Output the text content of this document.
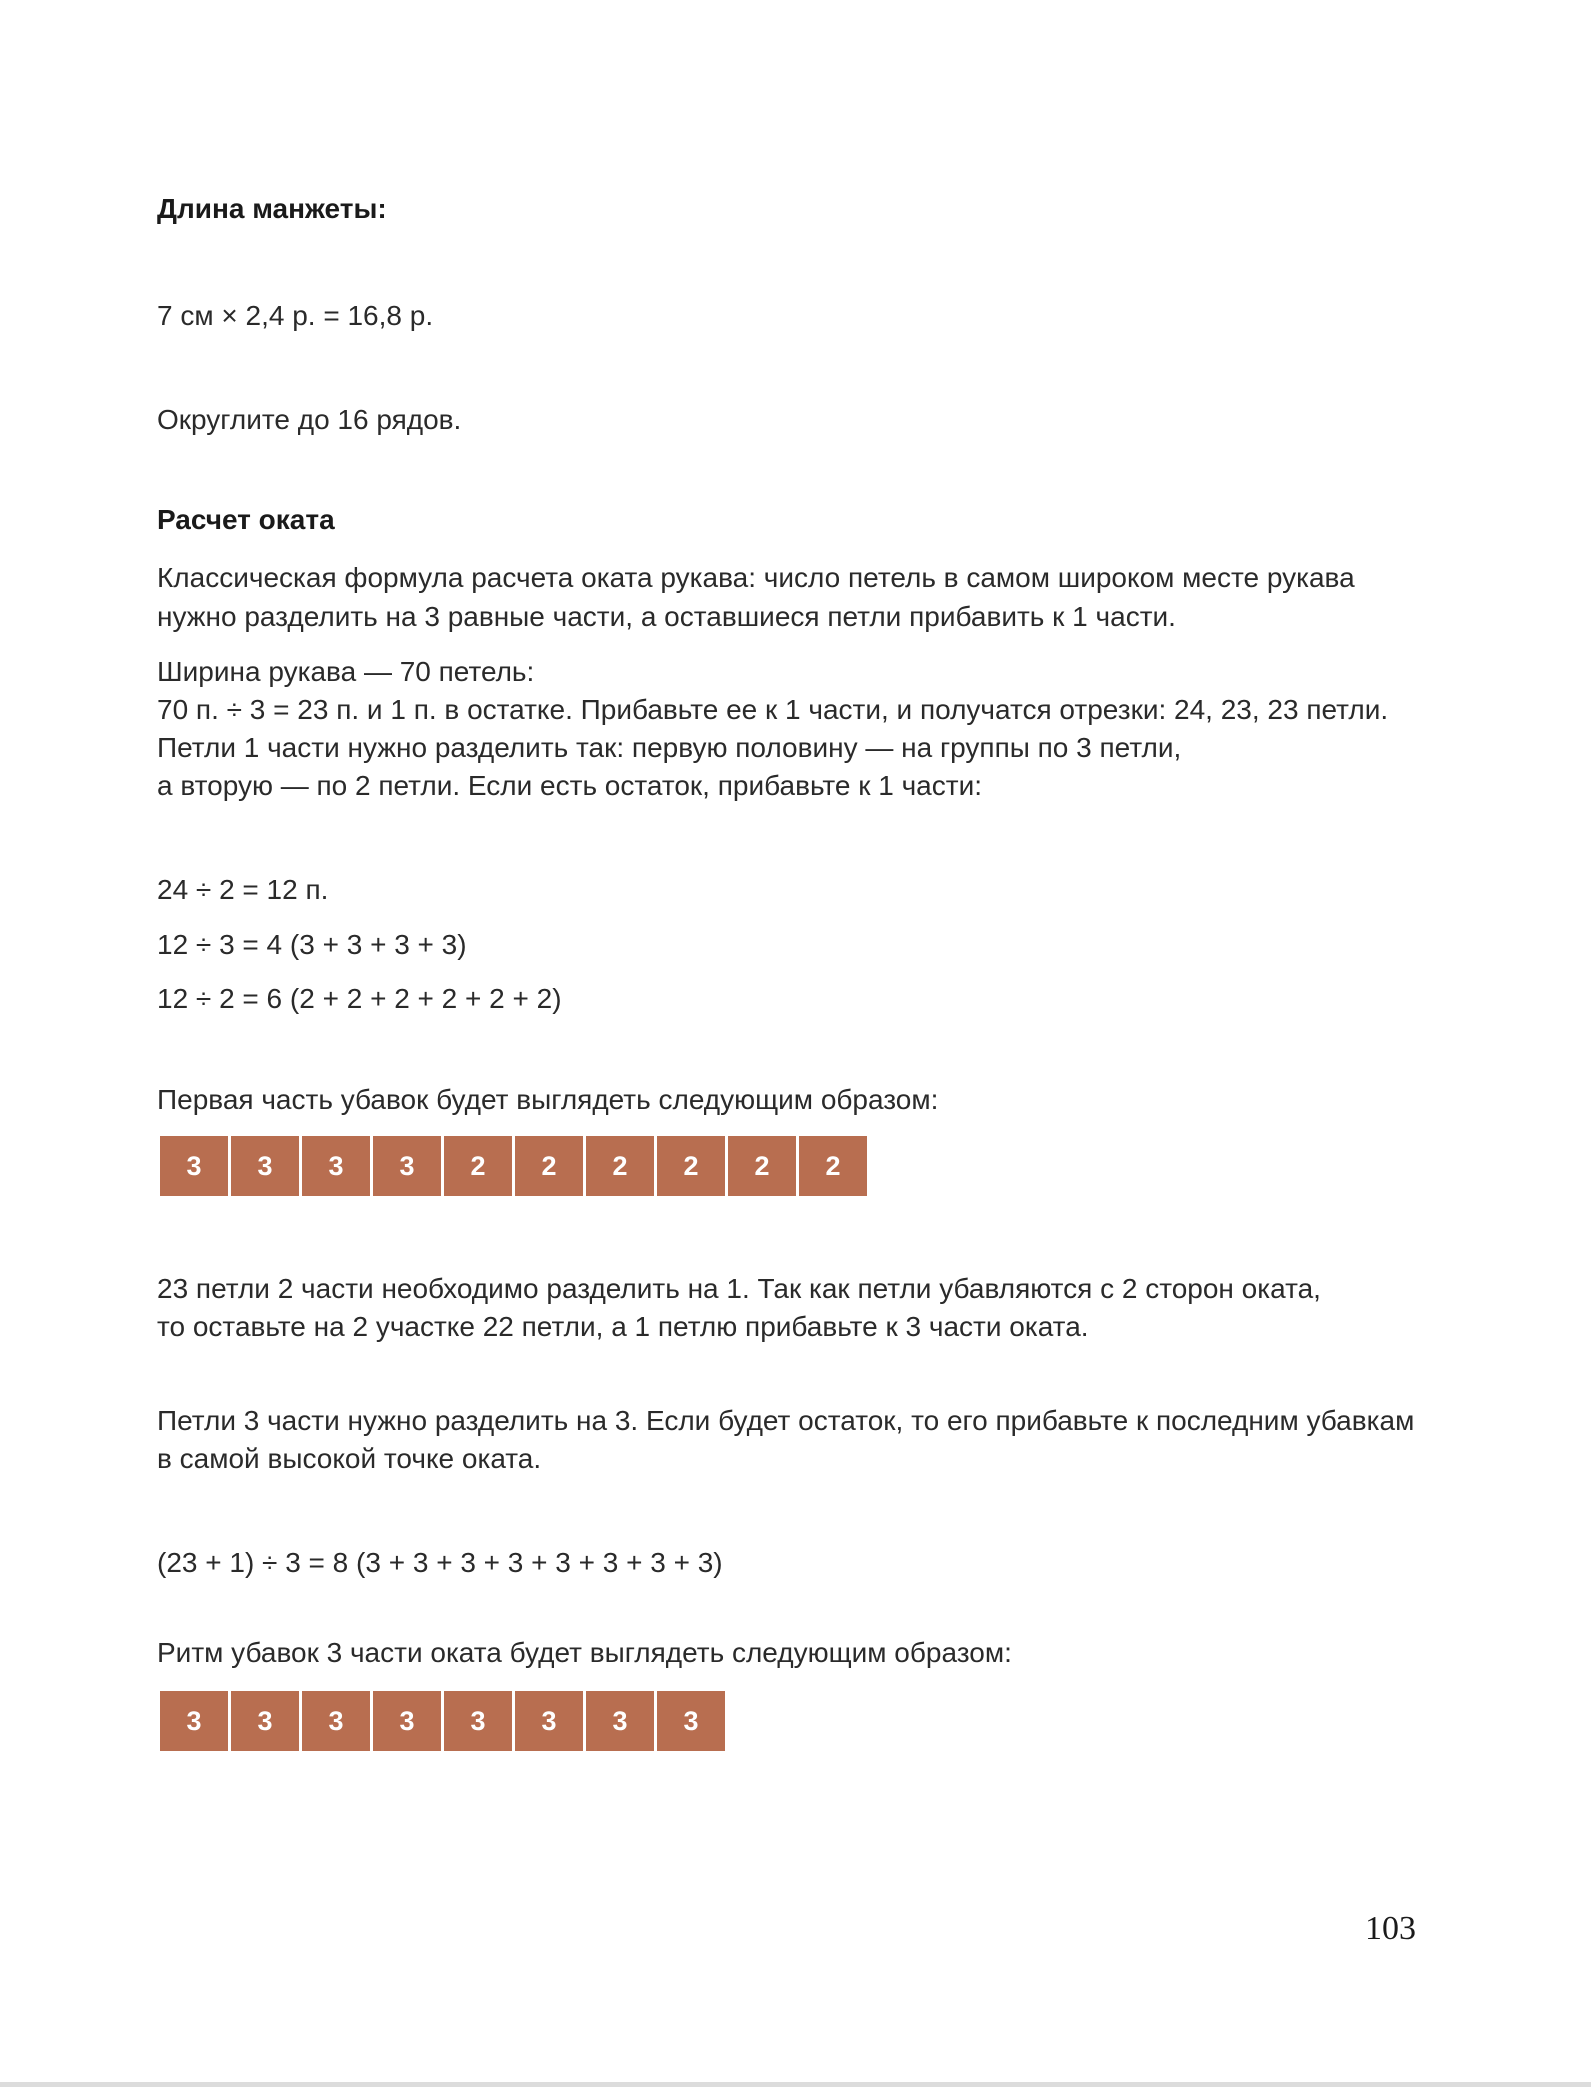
Длина манжеты:
7 см × 2,4 р. = 16,8 р.
Округлите до 16 рядов.
Расчет оката
Классическая формула расчета оката рукава: число петель в самом широком месте рукава
нужно разделить на 3 равные части, а оставшиеся петли прибавить к 1 части.
Ширина рукава — 70 петель:
70 п. ÷ 3 = 23 п. и 1 п. в остатке. Прибавьте ее к 1 части, и получатся отрезки: 24, 23, 23 петли.
Петли 1 части нужно разделить так: первую половину — на группы по 3 петли,
а вторую — по 2 петли. Если есть остаток, прибавьте к 1 части:
24 ÷ 2 = 12 п.
12 ÷ 3 = 4 (3 + 3 + 3 + 3)
12 ÷ 2 = 6 (2 + 2 + 2 + 2 + 2 + 2)
Первая часть убавок будет выглядеть следующим образом:
3	3	3	3	2	2	2	2	2	2
23 петли 2 части необходимо разделить на 1. Так как петли убавляются с 2 сторон оката,
то оставьте на 2 участке 22 петли, а 1 петлю прибавьте к 3 части оката.
Петли 3 части нужно разделить на 3. Если будет остаток, то его прибавьте к последним убавкам
в самой высокой точке оката.
(23 + 1) ÷ 3 = 8 (3 + 3 + 3 + 3 + 3 + 3 + 3 + 3)
Ритм убавок 3 части оката будет выглядеть следующим образом:
3	3	3	3	3	3	3	3
103
